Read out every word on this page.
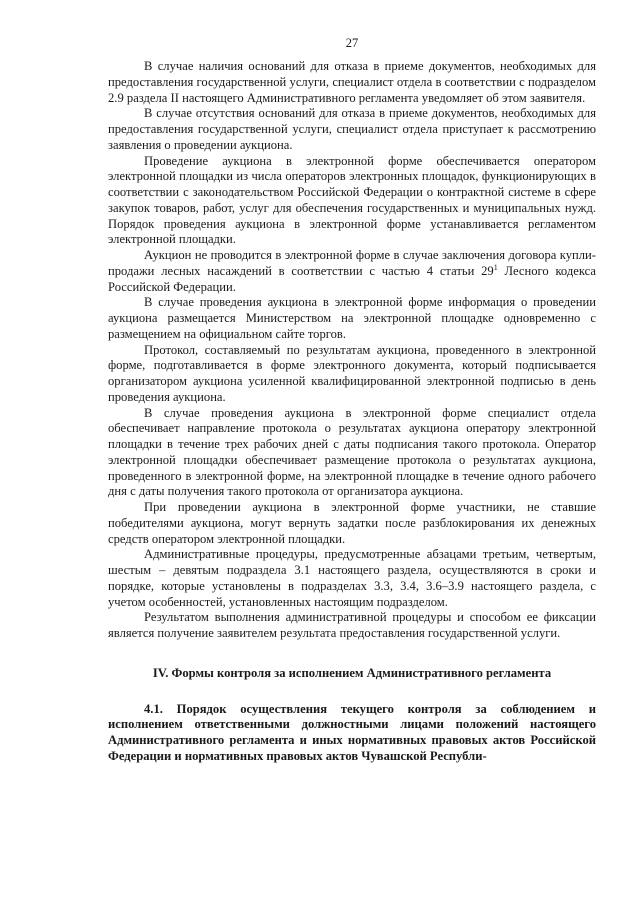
27

В случае наличия оснований для отказа в приеме документов, необходимых для предоставления государственной услуги, специалист отдела в соответствии с подразделом 2.9 раздела II настоящего Административного регламента уведомляет об этом заявителя.

В случае отсутствия оснований для отказа в приеме документов, необходимых для предоставления государственной услуги, специалист отдела приступает к рассмотрению заявления о проведении аукциона.

Проведение аукциона в электронной форме обеспечивается оператором электронной площадки из числа операторов электронных площадок, функционирующих в соответствии с законодательством Российской Федерации о контрактной системе в сфере закупок товаров, работ, услуг для обеспечения государственных и муниципальных нужд. Порядок проведения аукциона в электронной форме устанавливается регламентом электронной площадки.

Аукцион не проводится в электронной форме в случае заключения договора купли-продажи лесных насаждений в соответствии с частью 4 статьи $29^1$ Лесного кодекса Российской Федерации.

В случае проведения аукциона в электронной форме информация о проведении аукциона размещается Министерством на электронной площадке одновременно с размещением на официальном сайте торгов.

Протокол, составляемый по результатам аукциона, проведенного в электронной форме, подготавливается в форме электронного документа, который подписывается организатором аукциона усиленной квалифицированной электронной подписью в день проведения аукциона.

В случае проведения аукциона в электронной форме специалист отдела обеспечивает направление протокола о результатах аукциона оператору электронной площадки в течение трех рабочих дней с даты подписания такого протокола. Оператор электронной площадки обеспечивает размещение протокола о результатах аукциона, проведенного в электронной форме, на электронной площадке в течение одного рабочего дня с даты получения такого протокола от организатора аукциона.

При проведении аукциона в электронной форме участники, не ставшие победителями аукциона, могут вернуть задатки после разблокирования их денежных средств оператором электронной площадки.

Административные процедуры, предусмотренные абзацами третьим, четвертым, шестым – девятым подраздела 3.1 настоящего раздела, осуществляются в сроки и порядке, которые установлены в подразделах 3.3, 3.4, 3.6–3.9 настоящего раздела, с учетом особенностей, установленных настоящим подразделом.

Результатом выполнения административной процедуры и способом ее фиксации является получение заявителем результата предоставления государственной услуги.

IV. Формы контроля за исполнением Административного регламента

4.1. Порядок осуществления текущего контроля за соблюдением и исполнением ответственными должностными лицами положений настоящего Административного регламента и иных нормативных правовых актов Российской Федерации и нормативных правовых актов Чувашской Республи-
